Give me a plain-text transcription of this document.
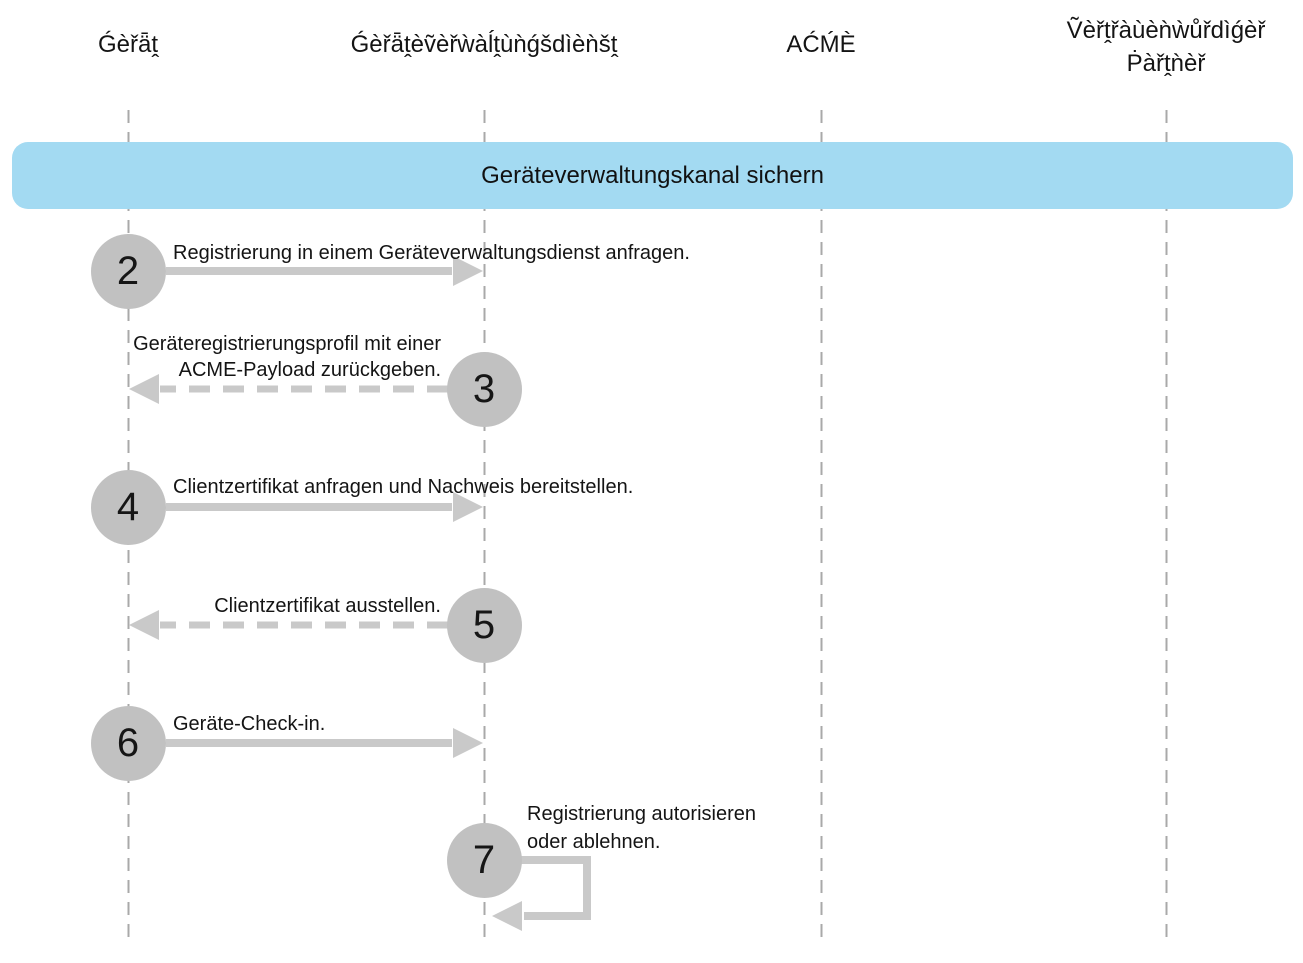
Ǵèřǟṱ	Ǵèřǟṱèṽèřẁàĺṱùǹǵšdìèǹšṱ	AĆḾÈ
Ṽèřṱřàùèǹẁůřdìǵèř
Ṗàřṱǹèř
Geräteverwaltungskanal sichern
2
3
4
5
6
7
Registrierung in einem Geräteverwaltungsdienst anfragen.
Geräteregistrierungsprofil mit einer
ACME-Payload zurückgeben.
Clientzertifikat anfragen und Nachweis bereitstellen.
Clientzertifikat ausstellen.
Geräte-Check-in.
Registrierung autorisieren
oder ablehnen.
